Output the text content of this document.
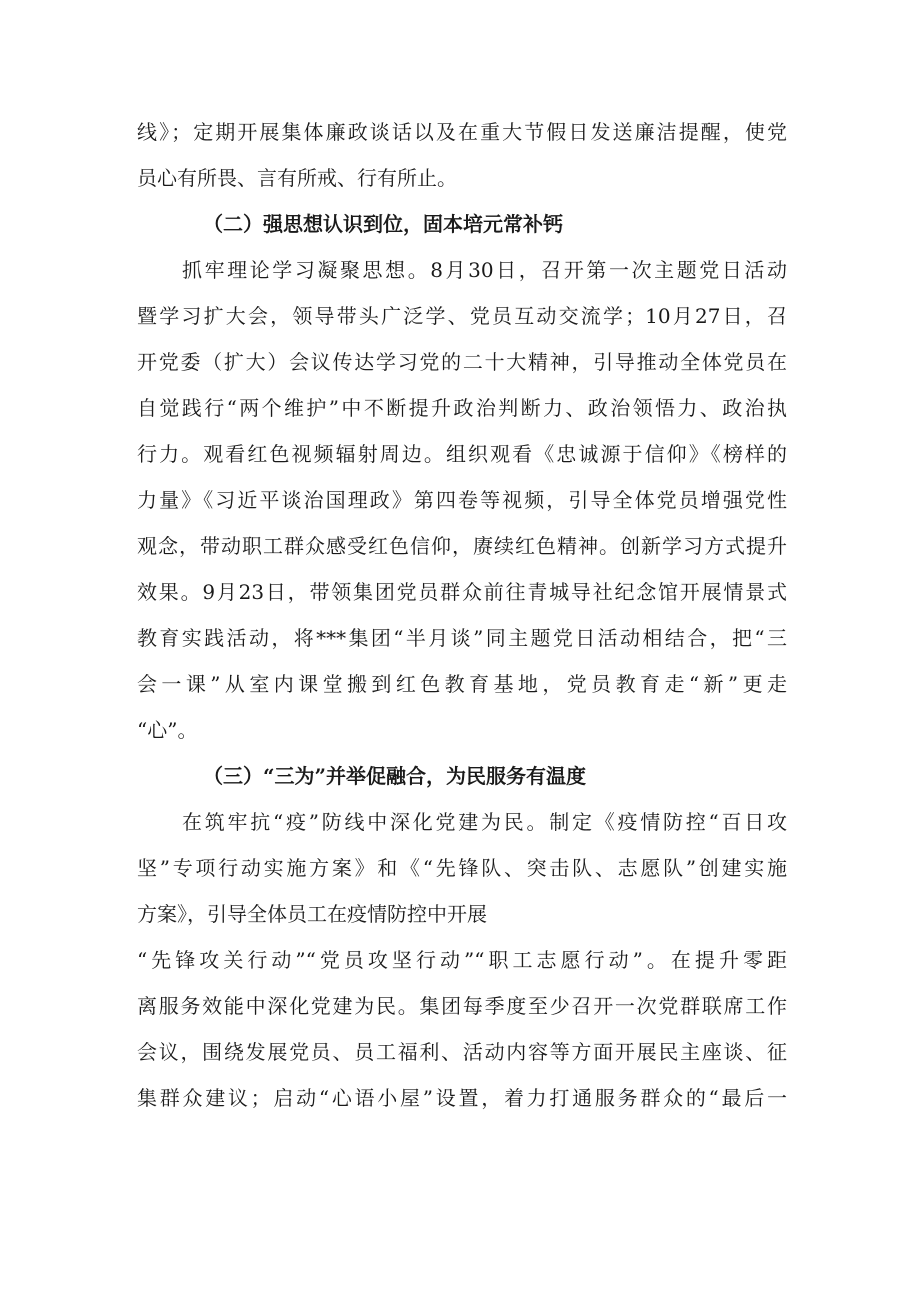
线》；定期开展集体廉政谈话以及在重大节假日发送廉洁提醒，使党
员心有所畏、言有所戒、行有所止。
（二）强思想认识到位，固本培元常补钙
抓牢理论学习凝聚思想。8月30日，召开第一次主题党日活动
暨学习扩大会，领导带头广泛学、党员互动交流学；10月27日，召
开党委（扩大）会议传达学习党的二十大精神，引导推动全体党员在
自觉践行“两个维护”中不断提升政治判断力、政治领悟力、政治执
行力。观看红色视频辐射周边。组织观看《忠诚源于信仰》《榜样的
力量》《习近平谈治国理政》第四卷等视频，引导全体党员增强党性
观念，带动职工群众感受红色信仰，赓续红色精神。创新学习方式提升
效果。9月23日，带领集团党员群众前往青城导社纪念馆开展情景式
教育实践活动，将***集团“半月谈”同主题党日活动相结合，把“三
会一课”从室内课堂搬到红色教育基地，党员教育走“新”更走
“心”。
（三）“三为”并举促融合，为民服务有温度
在筑牢抗“疫”防线中深化党建为民。制定《疫情防控“百日攻
坚”专项行动实施方案》和《“先锋队、突击队、志愿队”创建实施
方案》，引导全体员工在疫情防控中开展
“先锋攻关行动”“党员攻坚行动”“职工志愿行动”。在提升零距
离服务效能中深化党建为民。集团每季度至少召开一次党群联席工作
会议，围绕发展党员、员工福利、活动内容等方面开展民主座谈、征
集群众建议；启动“心语小屋”设置，着力打通服务群众的“最后一
